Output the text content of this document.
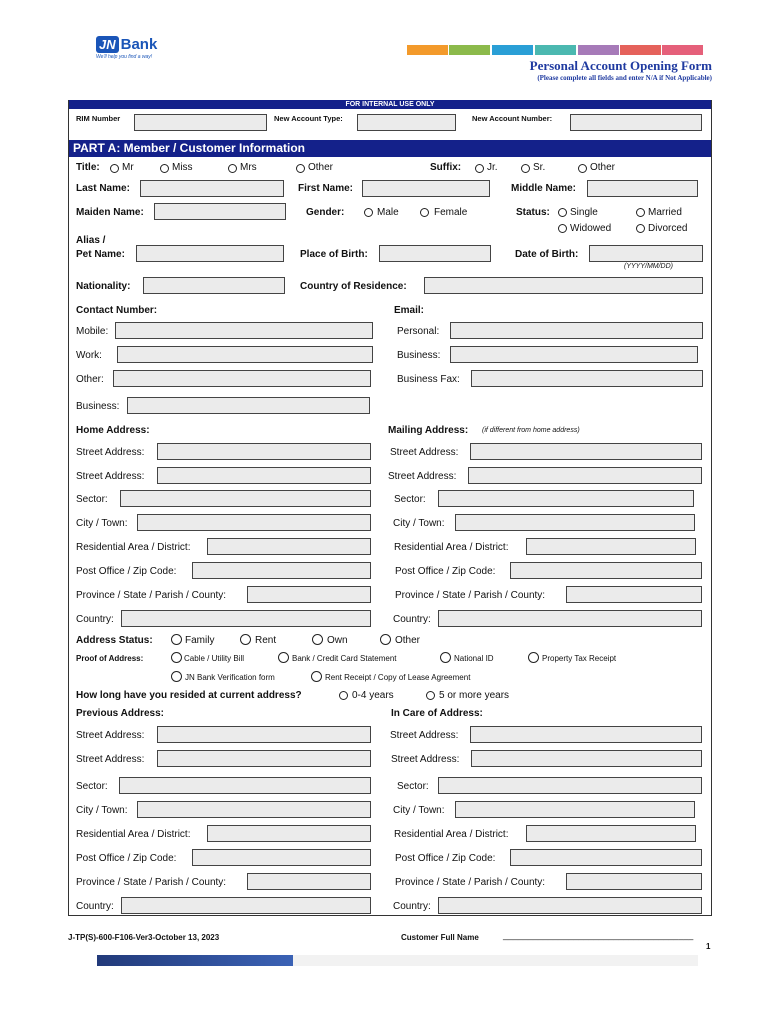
JN Bank
We'll help you find a way!
Personal Account Opening Form
(Please complete all fields and enter N/A if Not Applicable)
FOR INTERNAL USE ONLY
RIM Number	New Account Type:	New Account Number:
PART A: Member / Customer Information
Title: Mr	Miss	Mrs	Other	Suffix:	Jr.	Sr.	Other
Last Name:	First Name:	Middle Name:
Maiden Name:	Gender:	Male	Female	Status: Single	Married
Widowed	Divorced
Alias /
Pet Name:	Place of Birth:	Date of Birth:
(YYYY/MM/DD)
Nationality:	Country of Residence:
Contact Number:	Email:
Mobile:	Personal:
Work:	Business:
Other:	Business Fax:
Business:
Home Address:	Mailing Address: (if different from home address)
Street Address:	Street Address:
Street Address:	Street Address:
Sector:	Sector:
City / Town:	City / Town:
Residential Area / District:	Residential Area / District:
Post Office / Zip Code:	Post Office / Zip Code:
Province / State / Parish / County:	Province / State / Parish / County:
Country:	Country:
Address Status:	Family	Rent	Own	Other
Proof of Address:	Cable / Utility Bill	Bank / Credit Card Statement	National ID	Property Tax Receipt
JN Bank Verification form	Rent Receipt / Copy of Lease Agreement
How long have you resided at current address?	0-4 years	5 or more years
Previous Address:	In Care of Address:
Street Address:	Street Address:
Street Address:	Street Address:
Sector:	Sector:
City / Town:	City / Town:
Residential Area / District:	Residential Area / District:
Post Office / Zip Code:	Post Office / Zip Code:
Province / State / Parish / County:	Province / State / Parish / County:
Country:	Country:
J-TP(S)-600-F106-Ver3-October 13, 2023	Customer Full Name	______________________________________
1
